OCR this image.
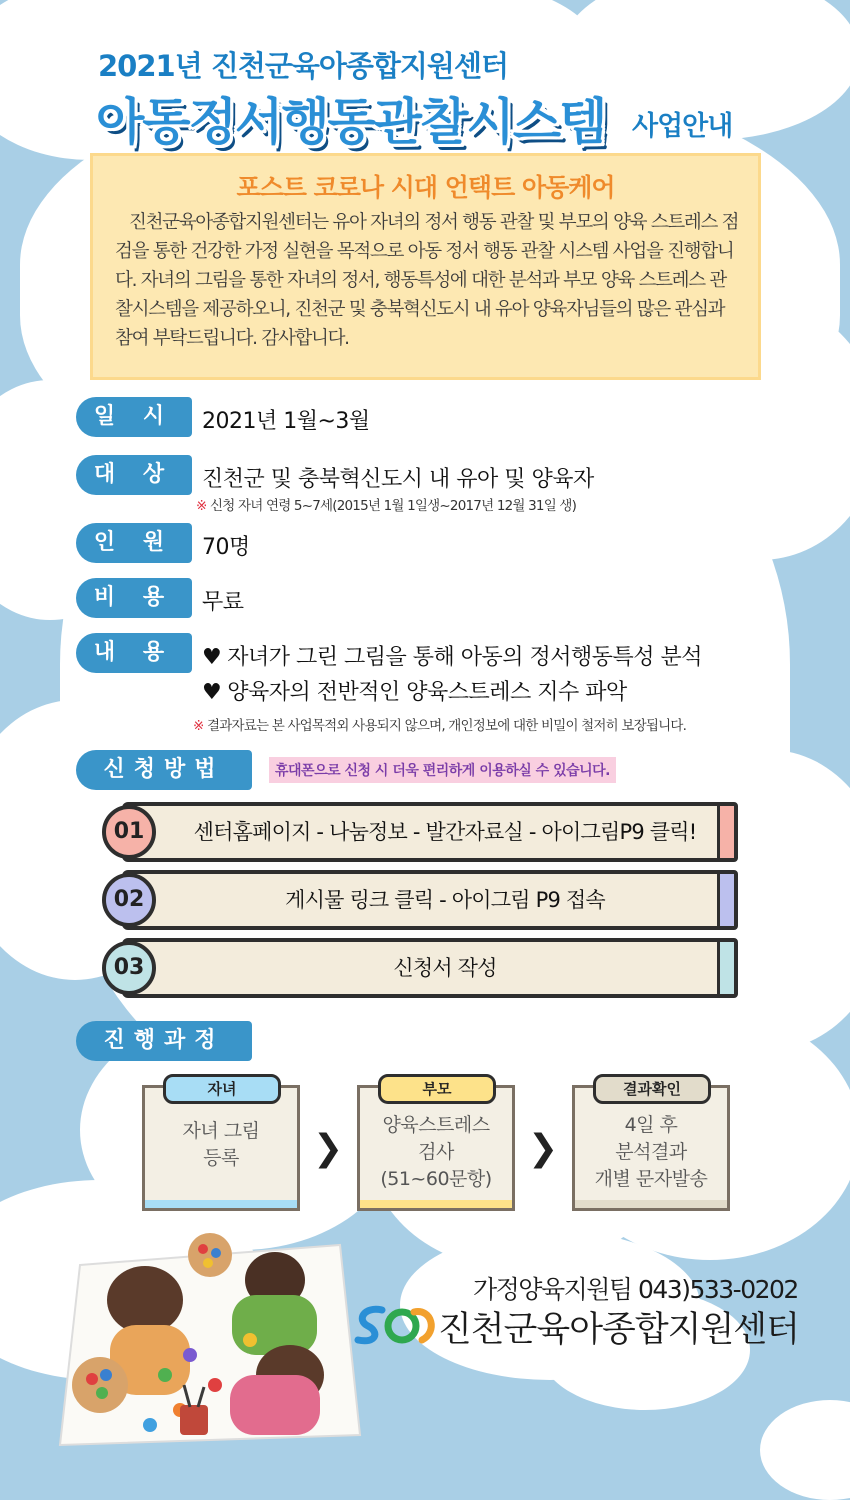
2021년 진천군육아종합지원센터
아동정서행동관찰시스템 사업안내
포스트 코로나 시대 언택트 아동케어
진천군육아종합지원센터는 유아 자녀의 정서 행동 관찰 및 부모의 양육 스트레스 점검을 통한 건강한 가정 실현을 목적으로 아동 정서 행동 관찰 시스템 사업을 진행합니다. 자녀의 그림을 통한 자녀의 정서, 행동특성에 대한 분석과 부모 양육 스트레스 관찰시스템을 제공하오니, 진천군 및 충북혁신도시 내 유아 양육자님들의 많은 관심과 참여 부탁드립니다. 감사합니다.
일 시	2021년 1월~3월
대 상	진천군 및 충북혁신도시 내 유아 및 양육자
※ 신청 자녀 연령 5~7세(2015년 1월 1일생~2017년 12월 31일 생)
인 원	70명
비 용	무료
내 용	♥ 자녀가 그린 그림을 통해 아동의 정서행동특성 분석
♥ 양육자의 전반적인 양육스트레스 지수 파악
※ 결과자료는 본 사업목적외 사용되지 않으며, 개인정보에 대한 비밀이 철저히 보장됩니다.
신청방법	휴대폰으로 신청 시 더욱 편리하게 이용하실 수 있습니다.
센터홈페이지 - 나눔정보 - 발간자료실 - 아이그림P9 클릭!
01
게시물 링크 클릭 - 아이그림 P9 접속
02
신청서 작성
03
진행과정
자녀 그림
등록
자녀
❯
양육스트레스
검사
(51~60문항)
부모
❯
4일 후
분석결과
개별 문자발송
결과확인
가정양육지원팀 043)533-0202
진천군육아종합지원센터
